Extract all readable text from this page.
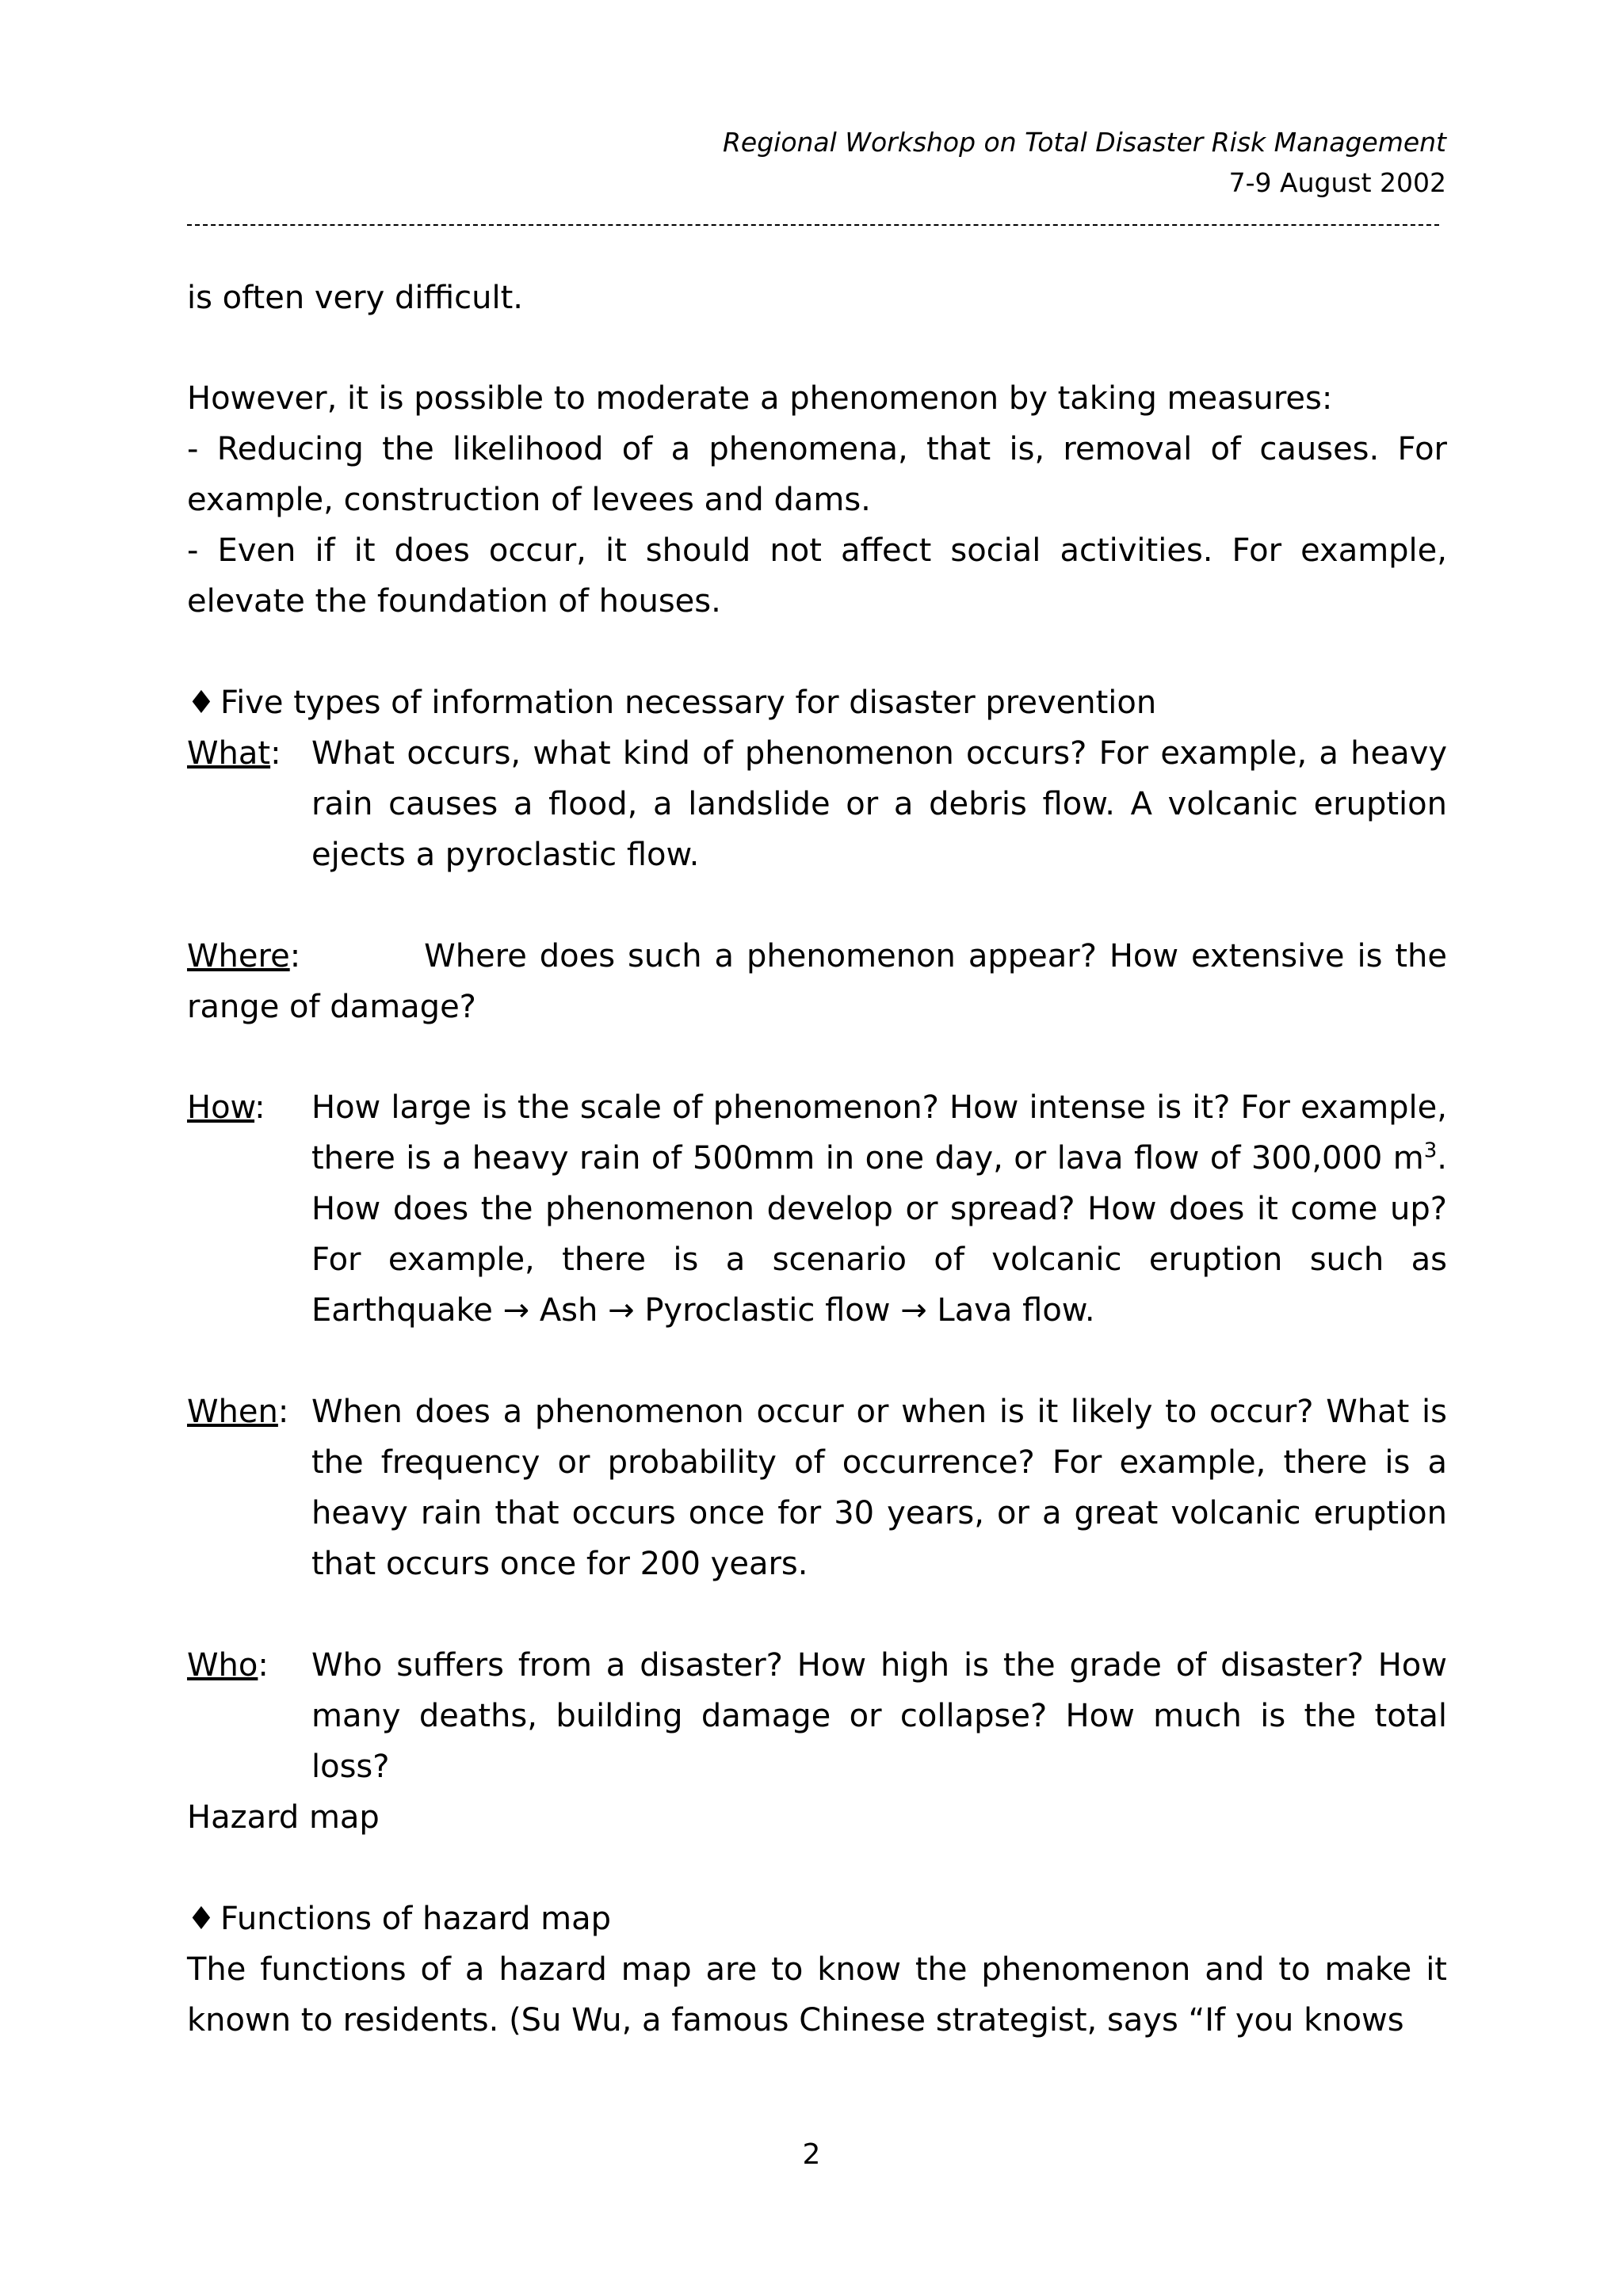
Regional Workshop on Total Disaster Risk Management
7-9 August 2002

is often very difficult.

However, it is possible to moderate a phenomenon by taking measures:

- Reducing the likelihood of a phenomena, that is, removal of causes. For example, construction of levees and dams.

- Even if it does occur, it should not affect social activities. For example, elevate the foundation of houses.

♦ Five types of information necessary for disaster prevention

What: What occurs, what kind of phenomenon occurs? For example, a heavy rain causes a flood, a landslide or a debris flow. A volcanic eruption ejects a pyroclastic flow.
Where:	Where does such a phenomenon appear? How extensive is the range of damage?
How: How large is the scale of phenomenon? How intense is it? For example, there is a heavy rain of 500mm in one day, or lava flow of 300,000 $m^3$. How does the phenomenon develop or spread? How does it come up? For example, there is a scenario of volcanic eruption such as Earthquake → Ash → Pyroclastic flow → Lava flow.
When: When does a phenomenon occur or when is it likely to occur? What is the frequency or probability of occurrence? For example, there is a heavy rain that occurs once for 30 years, or a great volcanic eruption that occurs once for 200 years.
Who: Who suffers from a disaster? How high is the grade of disaster? How many deaths, building damage or collapse? How much is the total loss?

Hazard map

♦ Functions of hazard map

The functions of a hazard map are to know the phenomenon and to make it known to residents. (Su Wu, a famous Chinese strategist, says “If you knows

2
